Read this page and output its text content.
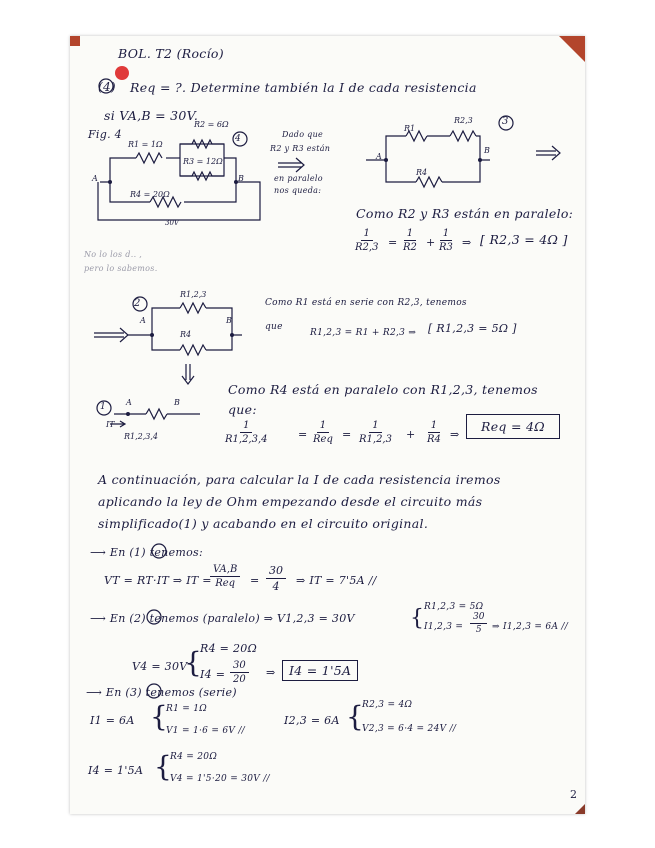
BOL. T2 (Rocío)
(4) Req = ?. Determine también la I de cada resistencia
si VA,B = 30V.
Fig. 4
R2 = 6Ω
R1 = 1Ω
R3 = 12Ω
R4 = 20Ω
A	B
4
30V
No lo los d.. ,
pero lo sabemos.
Dado que
R2 y R3 están
en paralelo
nos queda:
R1
R2,3	3
R4
A
B
Como R2 y R3 están en paralelo:
$\frac{1}{R2,3} = \frac{1}{R2} + \frac{1}{R3}$ ⇒ [ R2,3 = 4Ω ]
2
R1,2,3
R4
A	B
Como R1 está en serie con R2,3, tenemos
que
R1,2,3 = R1 + R2,3 ⇒ [ R1,2,3 = 5Ω ]
1	A	B
IT
R1,2,3,4
Como R4 está en paralelo con R1,2,3, tenemos
que:
$\frac{1}{R1,2,3,4}$ =
1
Req = $\frac{1}{R1,2,3} + \frac{1}{R4}$ ⇒
Req = 4Ω
A continuación, para calcular la I de cada resistencia iremos
aplicando la ley de Ohm empezando desde el circuito más
simplificado(1) y acabando en el circuito original.
⟶ En (1) tenemos:
VT = RT·IT ⇒ IT =
VA,B
Req = $\frac{30}{4}$ ⇒ IT = 7'5A //
⟶ En (2) tenemos (paralelo) ⇒ V1,2,3 = 30V	{ R1,2,3 = 5Ω
$I1,2,3 = \frac{30}{5}$ ⇒ I1,2,3 = 6A //
V4 = 30V
{
R4 = 20Ω
$I4 = \frac{30}{20}$ ⇒	I4 = 1'5A
⟶ En (3) tenemos (serie)
I1 = 6A {
R1 = 1Ω
V1 = 1·6 = 6V //
I2,3 = 6A {
R2,3 = 4Ω
V2,3 = 6·4 = 24V //
I4 = 1'5A {
R4 = 20Ω
V4 = 1'5·20 = 30V //
2
